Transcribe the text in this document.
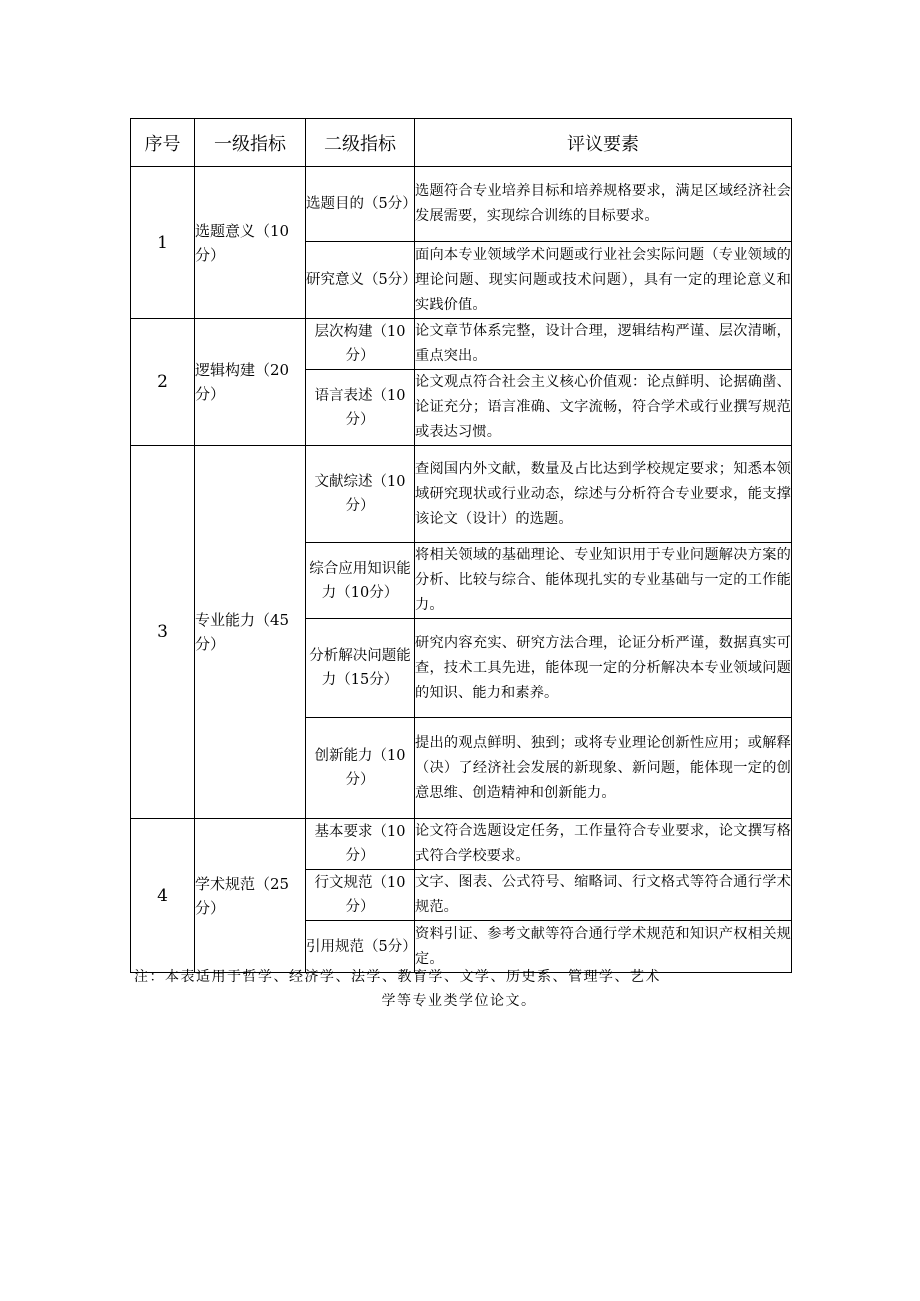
序号	一级指标	二级指标	评议要素
1	选题意义（10分）	选题目的（5分）	选题符合专业培养目标和培养规格要求，满足区域经济社会发展需要，实现综合训练的目标要求。
		研究意义（5分）	面向本专业领域学术问题或行业社会实际问题（专业领域的理论问题、现实问题或技术问题），具有一定的理论意义和实践价值。
2	逻辑构建（20分）	层次构建（10分）	论文章节体系完整，设计合理，逻辑结构严谨、层次清晰，重点突出。
		语言表述（10分）	论文观点符合社会主义核心价值观：论点鲜明、论据确凿、论证充分；语言准确、文字流畅，符合学术或行业撰写规范或表达习惯。
3	专业能力（45分）	文献综述（10分）	查阅国内外文献，数量及占比达到学校规定要求；知悉本领域研究现状或行业动态，综述与分析符合专业要求，能支撑该论文（设计）的选题。
		综合应用知识能力（10分）	将相关领域的基础理论、专业知识用于专业问题解决方案的分析、比较与综合、能体现扎实的专业基础与一定的工作能力。
		分析解决问题能力（15分）	研究内容充实、研究方法合理，论证分析严谨，数据真实可查，技术工具先进，能体现一定的分析解决本专业领域问题的知识、能力和素养。
		创新能力（10分）	提出的观点鲜明、独到；或将专业理论创新性应用；或解释（决）了经济社会发展的新现象、新问题，能体现一定的创意思维、创造精神和创新能力。
4	学术规范（25分）	基本要求（10分）	论文符合选题设定任务，工作量符合专业要求，论文撰写格式符合学校要求。
		行文规范（10分）	文字、图表、公式符号、缩略词、行文格式等符合通行学术规范。
		引用规范（5分）	资料引证、参考文献等符合通行学术规范和知识产权相关规定。
注：本表适用于哲学、经济学、法学、教育学、文学、历史系、管理学、艺术
学等专业类学位论文。
